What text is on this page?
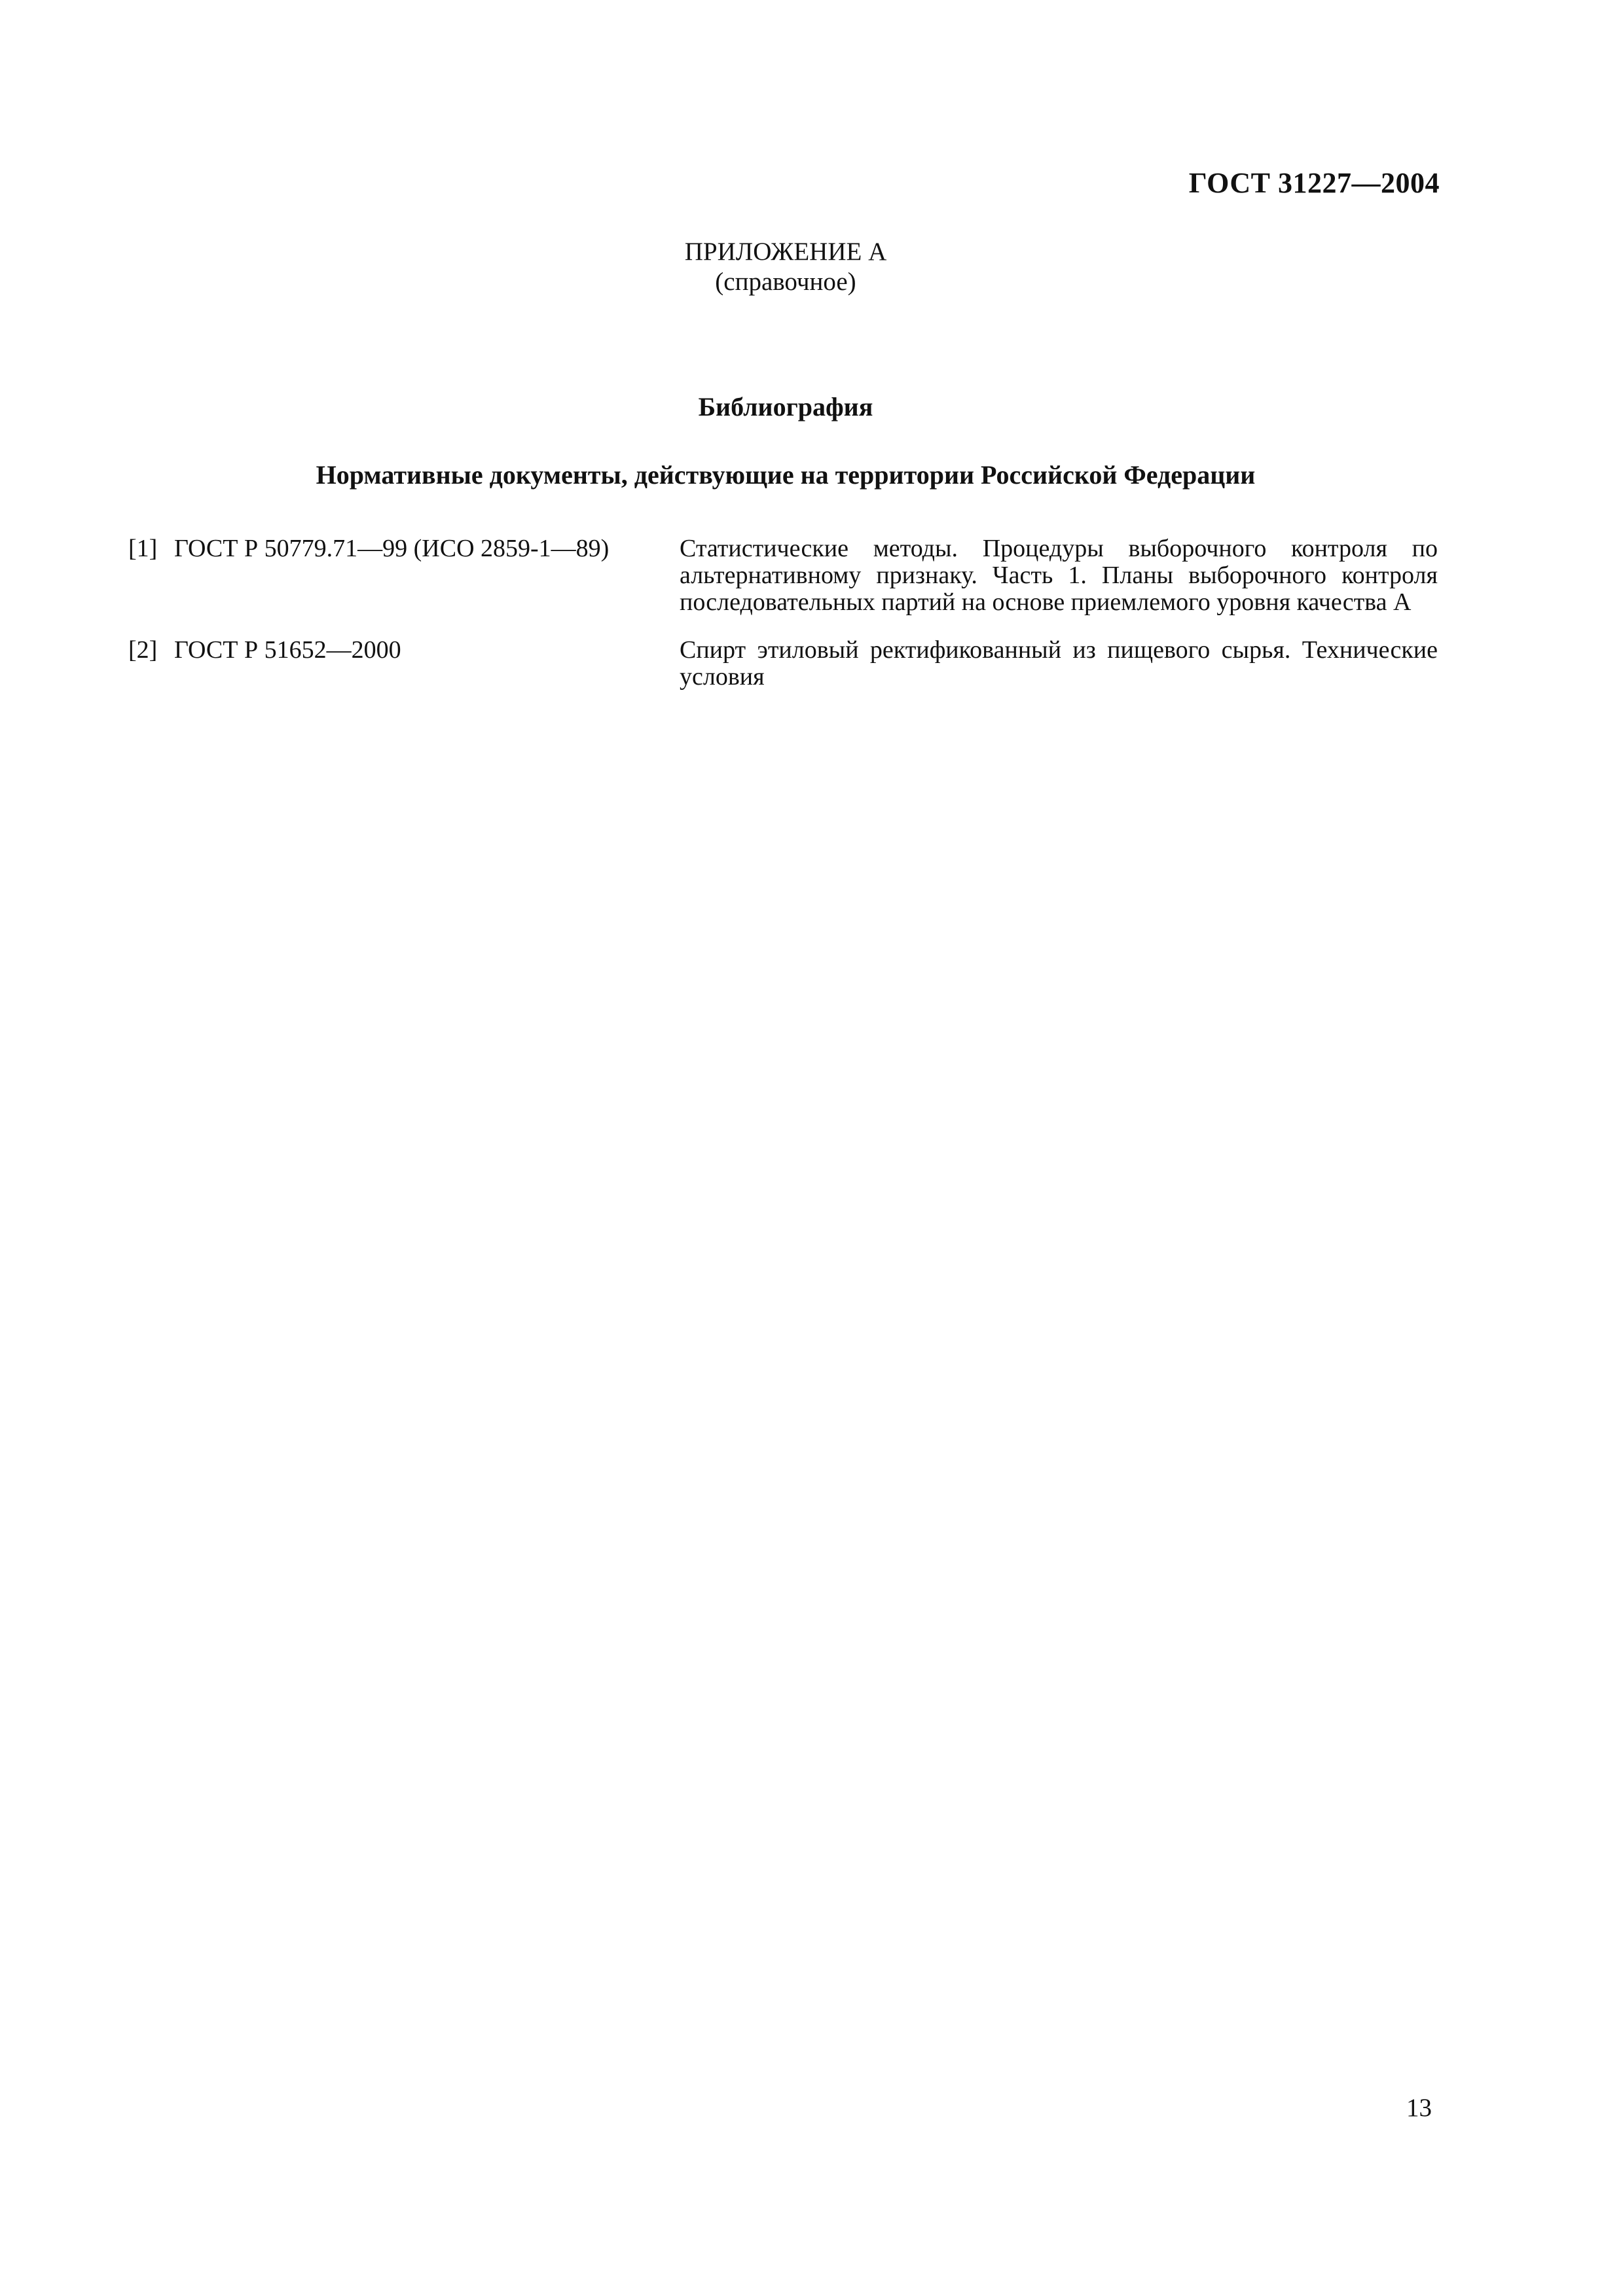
ГОСТ 31227—2004
ПРИЛОЖЕНИЕ А
(справочное)
Библиография
Нормативные документы, действующие на территории Российской Федерации
[1] ГОСТ Р 50779.71—99 (ИСО 2859-1—89)	Статистические методы. Процедуры выборочного контроля по альтернативному признаку. Часть 1. Планы выборочного контроля последовательных партий на основе приемлемого уровня качества А
[2] ГОСТ Р 51652—2000	Спирт этиловый ректификованный из пищевого сырья. Технические условия
13
